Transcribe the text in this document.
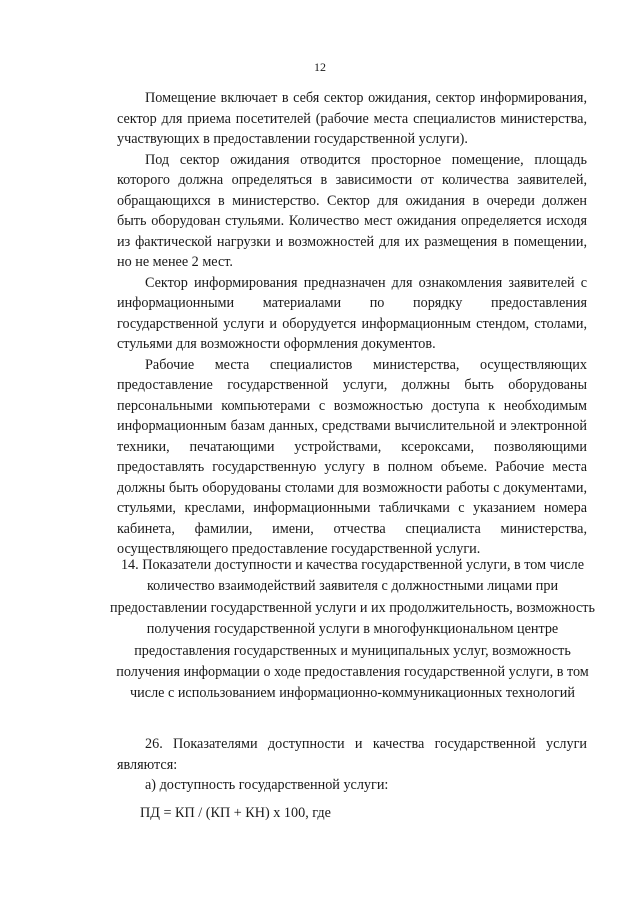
12

Помещение включает в себя сектор ожидания, сектор информирования, сектор для приема посетителей (рабочие места специалистов министерства, участвующих в предоставлении государственной услуги).

Под сектор ожидания отводится просторное помещение, площадь которого должна определяться в зависимости от количества заявителей, обращающихся в министерство. Сектор для ожидания в очереди должен быть оборудован стульями. Количество мест ожидания определяется исходя из фактической нагрузки и возможностей для их размещения в помещении, но не менее 2 мест.

Сектор информирования предназначен для ознакомления заявителей с информационными материалами по порядку предоставления государственной услуги и оборудуется информационным стендом, столами, стульями для возможности оформления документов.

Рабочие места специалистов министерства, осуществляющих предоставление государственной услуги, должны быть оборудованы персональными компьютерами с возможностью доступа к необходимым информационным базам данных, средствами вычислительной и электронной техники, печатающими устройствами, ксероксами, позволяющими предоставлять государственную услугу в полном объеме. Рабочие места должны быть оборудованы столами для возможности работы с документами, стульями, креслами, информационными табличками с указанием номера кабинета, фамилии, имени, отчества специалиста министерства, осуществляющего предоставление государственной услуги.

14. Показатели доступности и качества государственной услуги, в том числе количество взаимодействий заявителя с должностными лицами при предоставлении государственной услуги и их продолжительность, возможность получения государственной услуги в многофункциональном центре предоставления государственных и муниципальных услуг, возможность получения информации о ходе предоставления государственной услуги, в том числе с использованием информационно-коммуникационных технологий

26. Показателями доступности и качества государственной услуги являются:

а) доступность государственной услуги:

ПД = КП / (КП + КН) x 100, где
